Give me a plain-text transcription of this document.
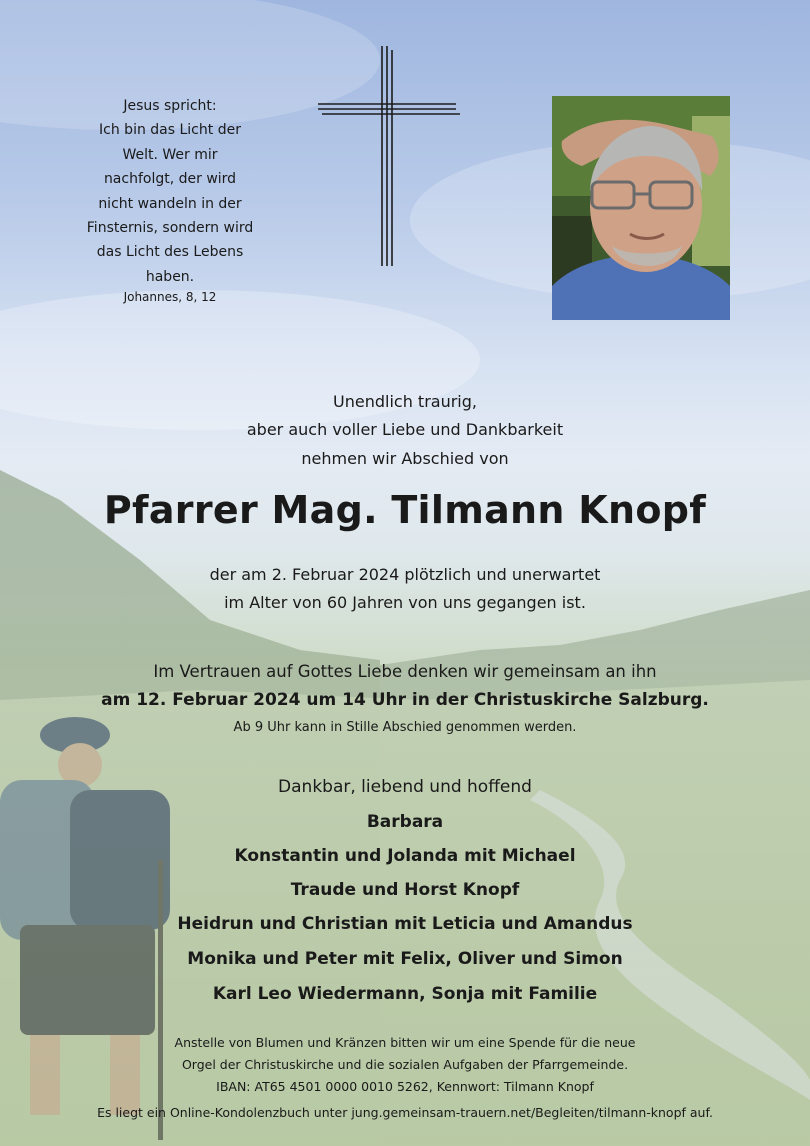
Jesus spricht:
Ich bin das Licht der
Welt. Wer mir
nachfolgt, der wird
nicht wandeln in der
Finsternis, sondern wird
das Licht des Lebens
haben.
Johannes, 8, 12
Unendlich traurig,
aber auch voller Liebe und Dankbarkeit
nehmen wir Abschied von
Pfarrer Mag. Tilmann Knopf
der am 2. Februar 2024 plötzlich und unerwartet
im Alter von 60 Jahren von uns gegangen ist.
Im Vertrauen auf Gottes Liebe denken wir gemeinsam an ihn
am 12. Februar 2024 um 14 Uhr in der Christuskirche Salzburg.
Ab 9 Uhr kann in Stille Abschied genommen werden.
Dankbar, liebend und hoffend
Barbara
Konstantin und Jolanda mit Michael
Traude und Horst Knopf
Heidrun und Christian mit Leticia und Amandus
Monika und Peter mit Felix, Oliver und Simon
Karl Leo Wiedermann, Sonja mit Familie
Anstelle von Blumen und Kränzen bitten wir um eine Spende für die neue
Orgel der Christuskirche und die sozialen Aufgaben der Pfarrgemeinde.
IBAN: AT65 4501 0000 0010 5262, Kennwort: Tilmann Knopf
Es liegt ein Online-Kondolenzbuch unter jung.gemeinsam-trauern.net/Begleiten/tilmann-knopf auf.
